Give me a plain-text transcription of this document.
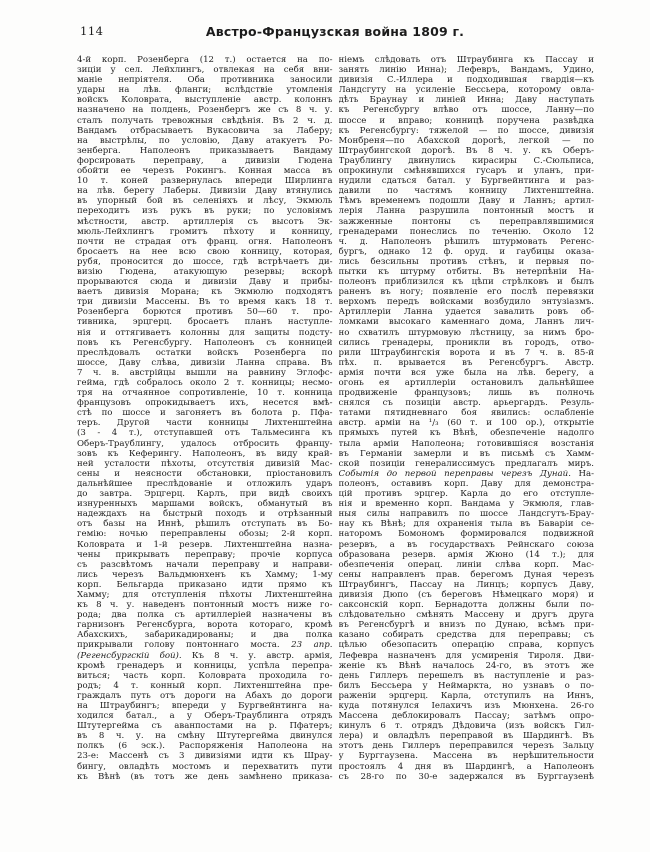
114	Австро-Французская война 1809 г.
4-й корп. Розенберга (12 т.) остается на по-
зиціи у сел. Лейхлингъ, отвлекая на себя вни-
маніе непріятеля. Оба противника заносили
удары на лѣв. фланги; вслѣдствіе утомленія
войскъ Коловрата, выступленіе австр. колоннъ
назначено на полдень, Розенбергъ же съ 8 ч. у.
сталъ получать тревожныя свѣдѣнія. Въ 2 ч. д.
Вандамъ отбрасываетъ Вукасовича за Лаберу;
на выстрѣлы, по условію, Даву атакуетъ Ро-
зенберга. Наполеонъ приказываетъ Вандаму
форсировать переправу, а дивизіи Гюдена
обойти ее черезъ Рокингъ. Конная масса въ
10 т. коней развернулась впереди Ширлинга
на лѣв. берегу Лаберы. Дивизіи Даву втянулись
въ упорный бой въ селеніяхъ и лѣсу, Экмюль
переходитъ изъ рукъ въ руки; по условіямъ
мѣстности, австр. артиллерія съ высотъ Эк-
мюль-Лейхлингъ громитъ пѣхоту и конницу,
почти не страдая отъ франц. огня. Наполеонъ
бросаетъ на нее всю свою конницу, которая,
рубя, проносится до шоссе, гдѣ встрѣчаетъ ди-
визію Гюдена, атакующую резервы; вскорѣ
прорываются сюда и дивизіи Даву и прибы-
ваетъ дивизія Морана; къ Экмюлю подходятъ
три дивизіи Массены. Въ то время какъ 18 т.
Розенберга борются противъ 50—60 т. про-
тивника, эрцгерц. бросаетъ планъ наступле-
нія и оттягиваетъ колонны для защиты подсту-
повъ къ Регенсбургу. Наполеонъ съ конницей
преслѣдовалъ остатки войскъ Розенберга по
шоссе, Даву слѣва, дивизіи Ланна справа. Въ
7 ч. в. австрійцы вышли на равнину Эглофс-
гейма, гдѣ собралось около 2 т. конницы; несмо-
тря на отчаянное сопротивленіе, 10 т. конница
французовъ опрокидываетъ ихъ, несется вмѣ-
стѣ по шоссе и загоняетъ въ болота р. Пфа-
теръ. Другой части конницы Лихтенштейна
(3 - 4 т.), отступавшей отъ Тальмесинга къ
Оберъ-Траублингу, удалось отбросить францу-
зовъ къ Кеферингу. Наполеонъ, въ виду край-
ней усталости пѣхоты, отсутствія дивизій Мас-
сены и неясности обстановки, пріостановилъ
дальнѣйшее преслѣдованіе и отложилъ ударъ
до завтра. Эрцгерц. Карлъ, при видѣ своихъ
изнуренныхъ маршами войскъ, обманутый въ
надеждахъ на быстрый походъ и отрѣзанный
отъ базы на Иннѣ, рѣшилъ отступать въ Бо-
гемію: ночью переправлены обозы; 2-й корп.
Коловрата и 1-й резерв. Лихтенштейна назна-
чены прикрывать переправу; прочіе корпуса
съ разсвѣтомъ начали переправу и направи-
лись черезъ Вальдмюнхенъ къ Хамму; 1-му
корп. Бельгарда приказано идти прямо къ
Хамму; для отступленія пѣхоты Лихтенштейна
къ 8 ч. у. наведенъ понтонный мостъ ниже го-
рода; два полка съ артиллеріей назначены въ
гарнизонъ Регенсбурга, ворота котораго, кромѣ
Абахскихъ, забарикадированы; и два полка
прикрывали голову понтоннаго моста. 23 апр.
(Регенсбургскій бой). Къ 8 ч. у. австр. армія,
кромѣ гренадеръ и конницы, успѣла перепра-
виться; часть корп. Коловрата проходила го-
родъ; 4 т. конный корп. Лихтенштейна пре-
граждалъ путь отъ дороги на Абахъ до дороги
на Штраубингъ; впереди у Бургвейнтинга на-
ходился батал., а у Оберъ-Траублинга отрядъ
Штутергейма съ аванпостами на р. Пфатеръ;
въ 8 ч. у. на смѣну Штутергейма двинулся
полкъ (6 эск.). Распоряженія Наполеона на
23-е: Массенѣ съ 3 дивизіями идти къ Шрау-
бингу, овладѣть мостомъ и перехватить пути
къ Вѣнѣ (въ тотъ же день замѣнено приказа-
ніемъ слѣдовать отъ Штраубинга къ Пассау и
занять линію Инна); Лефевръ, Вандамъ, Удино,
дивизія С.-Иллера и подходившая гвардія—къ
Ландсгуту на усиленіе Бессьера, которому овла-
дѣть Браунау и линіей Инна; Даву наступать
къ Регенсбургу влѣво отъ шоссе, Ланну—по
шоссе и вправо; конницѣ поручена развѣдка
къ Регенсбургу: тяжелой — по шоссе, дивизія
Монбреня—по Абахской дорогѣ, легкой — по
Штраубингской дорогѣ. Въ 8 ч. у. къ Оберъ-
Траублингу двинулись кирасиры С.-Сюльписа,
опрокинули смѣнявшихся гусаръ и уланъ, при-
нудили сдаться батал. у Бургвейнтинга и раз-
давили по частямъ конницу Лихтенштейна.
Тѣмъ временемъ подошли Даву и Ланнъ; артил-
лерія Ланна разрушила понтонный мостъ и
зажженные понтоны съ переправлявшимися
гренадерами понеслись по теченію. Около 12
ч. д. Наполеонъ рѣшилъ штурмовать Регенс-
бургъ, однако 12 ф. оруд. и гаубицы оказа-
лись безсильны противъ стѣнъ, и первыя по-
пытки къ штурму отбиты. Въ нетерпѣніи На-
полеонъ приблизился къ цѣпи стрѣлковъ и былъ
раненъ въ ногу; появленіе его послѣ перевязки
верхомъ передъ войсками возбудило энтузіазмъ.
Артиллеріи Ланна удается завалить ровъ об-
ломками высокаго каменнаго дома, Ланнъ лич-
но схватилъ штурмовую лѣстницу, за нимъ бро-
сились гренадеры, проникли въ городъ, отво-
рили Штраубингскія ворота и въ 7 ч. в. 85-й
пѣх. п. врывается въ Регенсбургъ. Австр.
армія почти вся уже была на лѣв. берегу, а
огонь ея артиллеріи остановилъ дальнѣйшее
продвиженіе французовъ; лишь въ полночь
снялся съ позиціи австр. арьергардъ. Резуль-
татами пятидневнаго боя явились: ослабленіе
австр. арміи на ¹/₃ (60 т. и 100 ор.), открытіе
прямыхъ путей къ Вѣнѣ, обезпеченіе надолго
тыла арміи Наполеона; готовившіяся возстанія
въ Германіи замерли и въ письмѣ съ Хамм-
ской позиціи генералиссимусъ предлагалъ миръ.
Событія до первой переправы черезъ Дунай. На-
полеонъ, оставивъ корп. Даву для демонстра-
цій противъ эрцгер. Карла до его отступле-
нія и временно корп. Вандама у Экмюля, глав-
ныя силы направилъ по шоссе Ландсгутъ-Брау-
нау къ Вѣнѣ; для охраненія тыла въ Баваріи се-
наторомъ Бомономъ формировался подвижной
резервъ, а въ государствахъ Рейнскаго союза
образована резерв. армія Жюно (14 т.); для
обезпеченія операц. линіи слѣва корп. Мас-
сены направленъ прав. берегомъ Дуная черезъ
Штраубингъ, Пассау на Линцъ; корпусъ Даву,
дивизія Дюпо (съ береговъ Нѣмецкаго моря) и
саксонскій корп. Бернадотта должны были по-
слѣдовательно смѣнять Массену и другъ друга
въ Регенсбургѣ и внизъ по Дунаю, всѣмъ при-
казано собирать средства для переправы; съ
цѣлью обезопасить операцію справа, корпусъ
Лефевра назначенъ для усмиренія Тироля. Дви-
женіе къ Вѣнѣ началось 24-го, въ этотъ же
день Гиллеръ перешелъ въ наступленіе и раз-
билъ Бессьера у Неймаркта, но узнавъ о по-
раженіи эрцгерц. Карла, отступилъ на Иннъ,
куда потянулся Іелахичъ изъ Мюнхена. 26-го
Массена деблокировалъ Пассау; затѣмъ опро-
кинулъ 6 т. отрядъ Дѣдовича (изъ войскъ Гил-
лера) и овладѣлъ переправой въ Шардингѣ. Въ
этотъ день Гиллеръ переправился черезъ Зальцу
у Бурггаузена. Массена въ нерѣшительности
простоялъ 4 дня въ Шардингѣ, а Наполеонъ
съ 28-го по 30-е задержался въ Бурггаузенѣ
